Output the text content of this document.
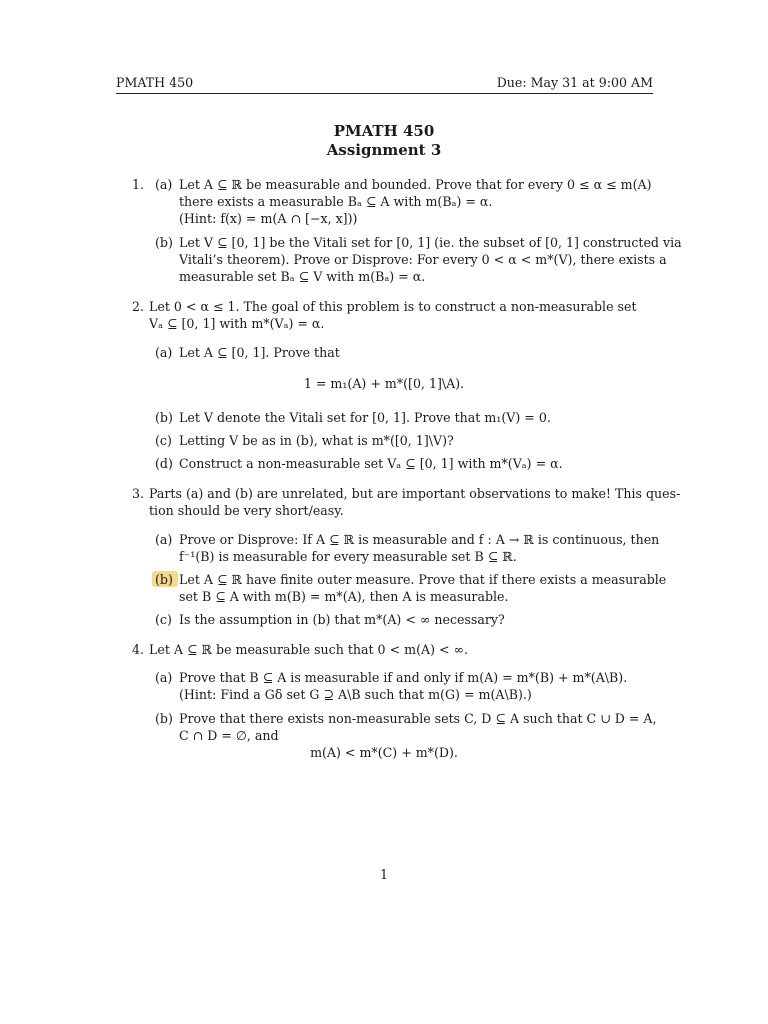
PMATH 450	Due: May 31 at 9:00 AM
PMATH 450
Assignment 3
1. (a) Let A ⊆ ℝ be measurable and bounded. Prove that for every 0 ≤ α ≤ m(A)
there exists a measurable Bₐ ⊆ A with m(Bₐ) = α.
(Hint: f(x) = m(A ∩ [−x, x]))
(b) Let V ⊆ [0, 1] be the Vitali set for [0, 1] (ie. the subset of [0, 1] constructed via
Vitali’s theorem). Prove or Disprove: For every 0 < α < m*(V), there exists a
measurable set Bₐ ⊆ V with m(Bₐ) = α.
2. Let 0 < α ≤ 1. The goal of this problem is to construct a non-measurable set
Vₐ ⊆ [0, 1] with m*(Vₐ) = α.
(a) Let A ⊆ [0, 1]. Prove that
1 = m₁(A) + m*([0, 1]\A).
(b) Let V denote the Vitali set for [0, 1]. Prove that m₁(V) = 0.
(c) Letting V be as in (b), what is m*([0, 1]\V)?
(d) Construct a non-measurable set Vₐ ⊆ [0, 1] with m*(Vₐ) = α.
3. Parts (a) and (b) are unrelated, but are important observations to make! This ques-
tion should be very short/easy.
(a) Prove or Disprove: If A ⊆ ℝ is measurable and f : A → ℝ is continuous, then
f⁻¹(B) is measurable for every measurable set B ⊆ ℝ.
(b) Let A ⊆ ℝ have finite outer measure. Prove that if there exists a measurable
set B ⊆ A with m(B) = m*(A), then A is measurable.
(c) Is the assumption in (b) that m*(A) < ∞ necessary?
4. Let A ⊆ ℝ be measurable such that 0 < m(A) < ∞.
(a) Prove that B ⊆ A is measurable if and only if m(A) = m*(B) + m*(A\B).
(Hint: Find a Gδ set G ⊇ A\B such that m(G) = m(A\B).)
(b) Prove that there exists non-measurable sets C, D ⊆ A such that C ∪ D = A,
C ∩ D = ∅, and
m(A) < m*(C) + m*(D).
1
